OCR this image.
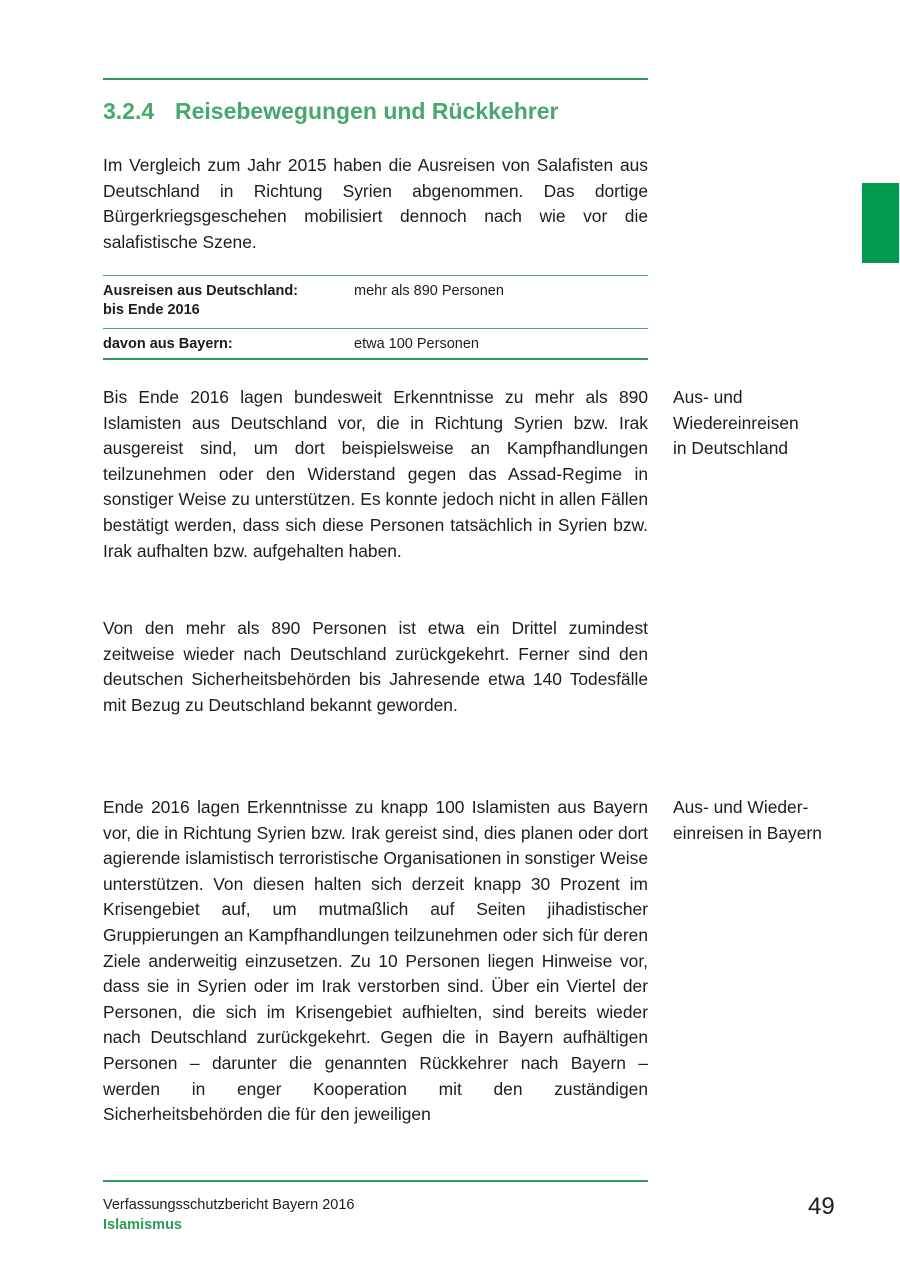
3.2.4 Reisebewegungen und Rückkehrer

Im Vergleich zum Jahr 2015 haben die Ausreisen von Salafisten aus Deutschland in Richtung Syrien abgenommen. Das dortige Bürgerkriegsgeschehen mobilisiert dennoch nach wie vor die salafistische Szene.

Ausreisen aus Deutschland:
bis Ende 2016
mehr als 890 Personen
davon aus Bayern:	etwa 100 Personen

Bis Ende 2016 lagen bundesweit Erkenntnisse zu mehr als 890 Islamisten aus Deutschland vor, die in Richtung Syrien bzw. Irak ausgereist sind, um dort beispielsweise an Kampfhandlungen teilzunehmen oder den Widerstand gegen das Assad-Regime in sonstiger Weise zu unterstützen. Es konnte jedoch nicht in allen Fällen bestätigt werden, dass sich diese Personen tatsächlich in Syrien bzw. Irak aufhalten bzw. aufgehalten haben.

Aus- und
Wiedereinreisen
in Deutschland

Von den mehr als 890 Personen ist etwa ein Drittel zumindest zeitweise wieder nach Deutschland zurückgekehrt. Ferner sind den deutschen Sicherheitsbehörden bis Jahresende etwa 140 Todesfälle mit Bezug zu Deutschland bekannt geworden.

Ende 2016 lagen Erkenntnisse zu knapp 100 Islamisten aus Bayern vor, die in Richtung Syrien bzw. Irak gereist sind, dies planen oder dort agierende islamistisch terroristische Organisationen in sonstiger Weise unterstützen. Von diesen halten sich derzeit knapp 30 Prozent im Krisengebiet auf, um mutmaßlich auf Seiten jihadistischer Gruppierungen an Kampfhandlungen teilzunehmen oder sich für deren Ziele anderweitig einzusetzen. Zu 10 Personen liegen Hinweise vor, dass sie in Syrien oder im Irak verstorben sind. Über ein Viertel der Personen, die sich im Krisengebiet aufhielten, sind bereits wieder nach Deutschland zurückgekehrt. Gegen die in Bayern aufhältigen Personen – darunter die genannten Rückkehrer nach Bayern – werden in enger Kooperation mit den zuständigen Sicherheitsbehörden die für den jeweiligen

Aus- und Wieder-
einreisen in Bayern
Verfassungsschutzbericht Bayern 2016
Islamismus
49
